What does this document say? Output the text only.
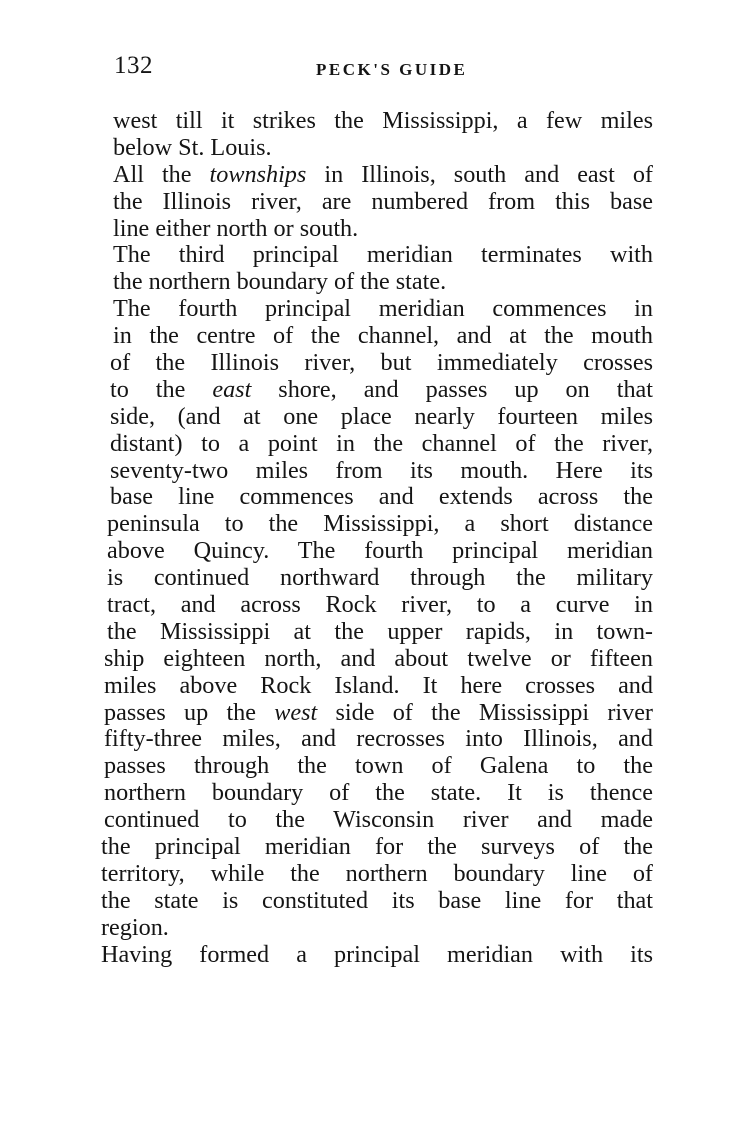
132	PECK'S GUIDE
west till it strikes the Mississippi, a few miles
below St. Louis.
All the townships in Illinois, south and east of
the Illinois river, are numbered from this base
line either north or south.
The third principal meridian terminates with
the northern boundary of the state.
The fourth principal meridian commences in
in the centre of the channel, and at the mouth
of the Illinois river, but immediately crosses
to the east shore, and passes up on that
side, (and at one place nearly fourteen miles
distant) to a point in the channel of the river,
seventy-two miles from its mouth. Here its
base line commences and extends across the
peninsula to the Mississippi, a short distance
above Quincy. The fourth principal meridian
is continued northward through the military
tract, and across Rock river, to a curve in
the Mississippi at the upper rapids, in town-
ship eighteen north, and about twelve or fifteen
miles above Rock Island. It here crosses and
passes up the west side of the Mississippi river
fifty-three miles, and recrosses into Illinois, and
passes through the town of Galena to the
northern boundary of the state. It is thence
continued to the Wisconsin river and made
the principal meridian for the surveys of the
territory, while the northern boundary line of
the state is constituted its base line for that
region.
Having formed a principal meridian with its
